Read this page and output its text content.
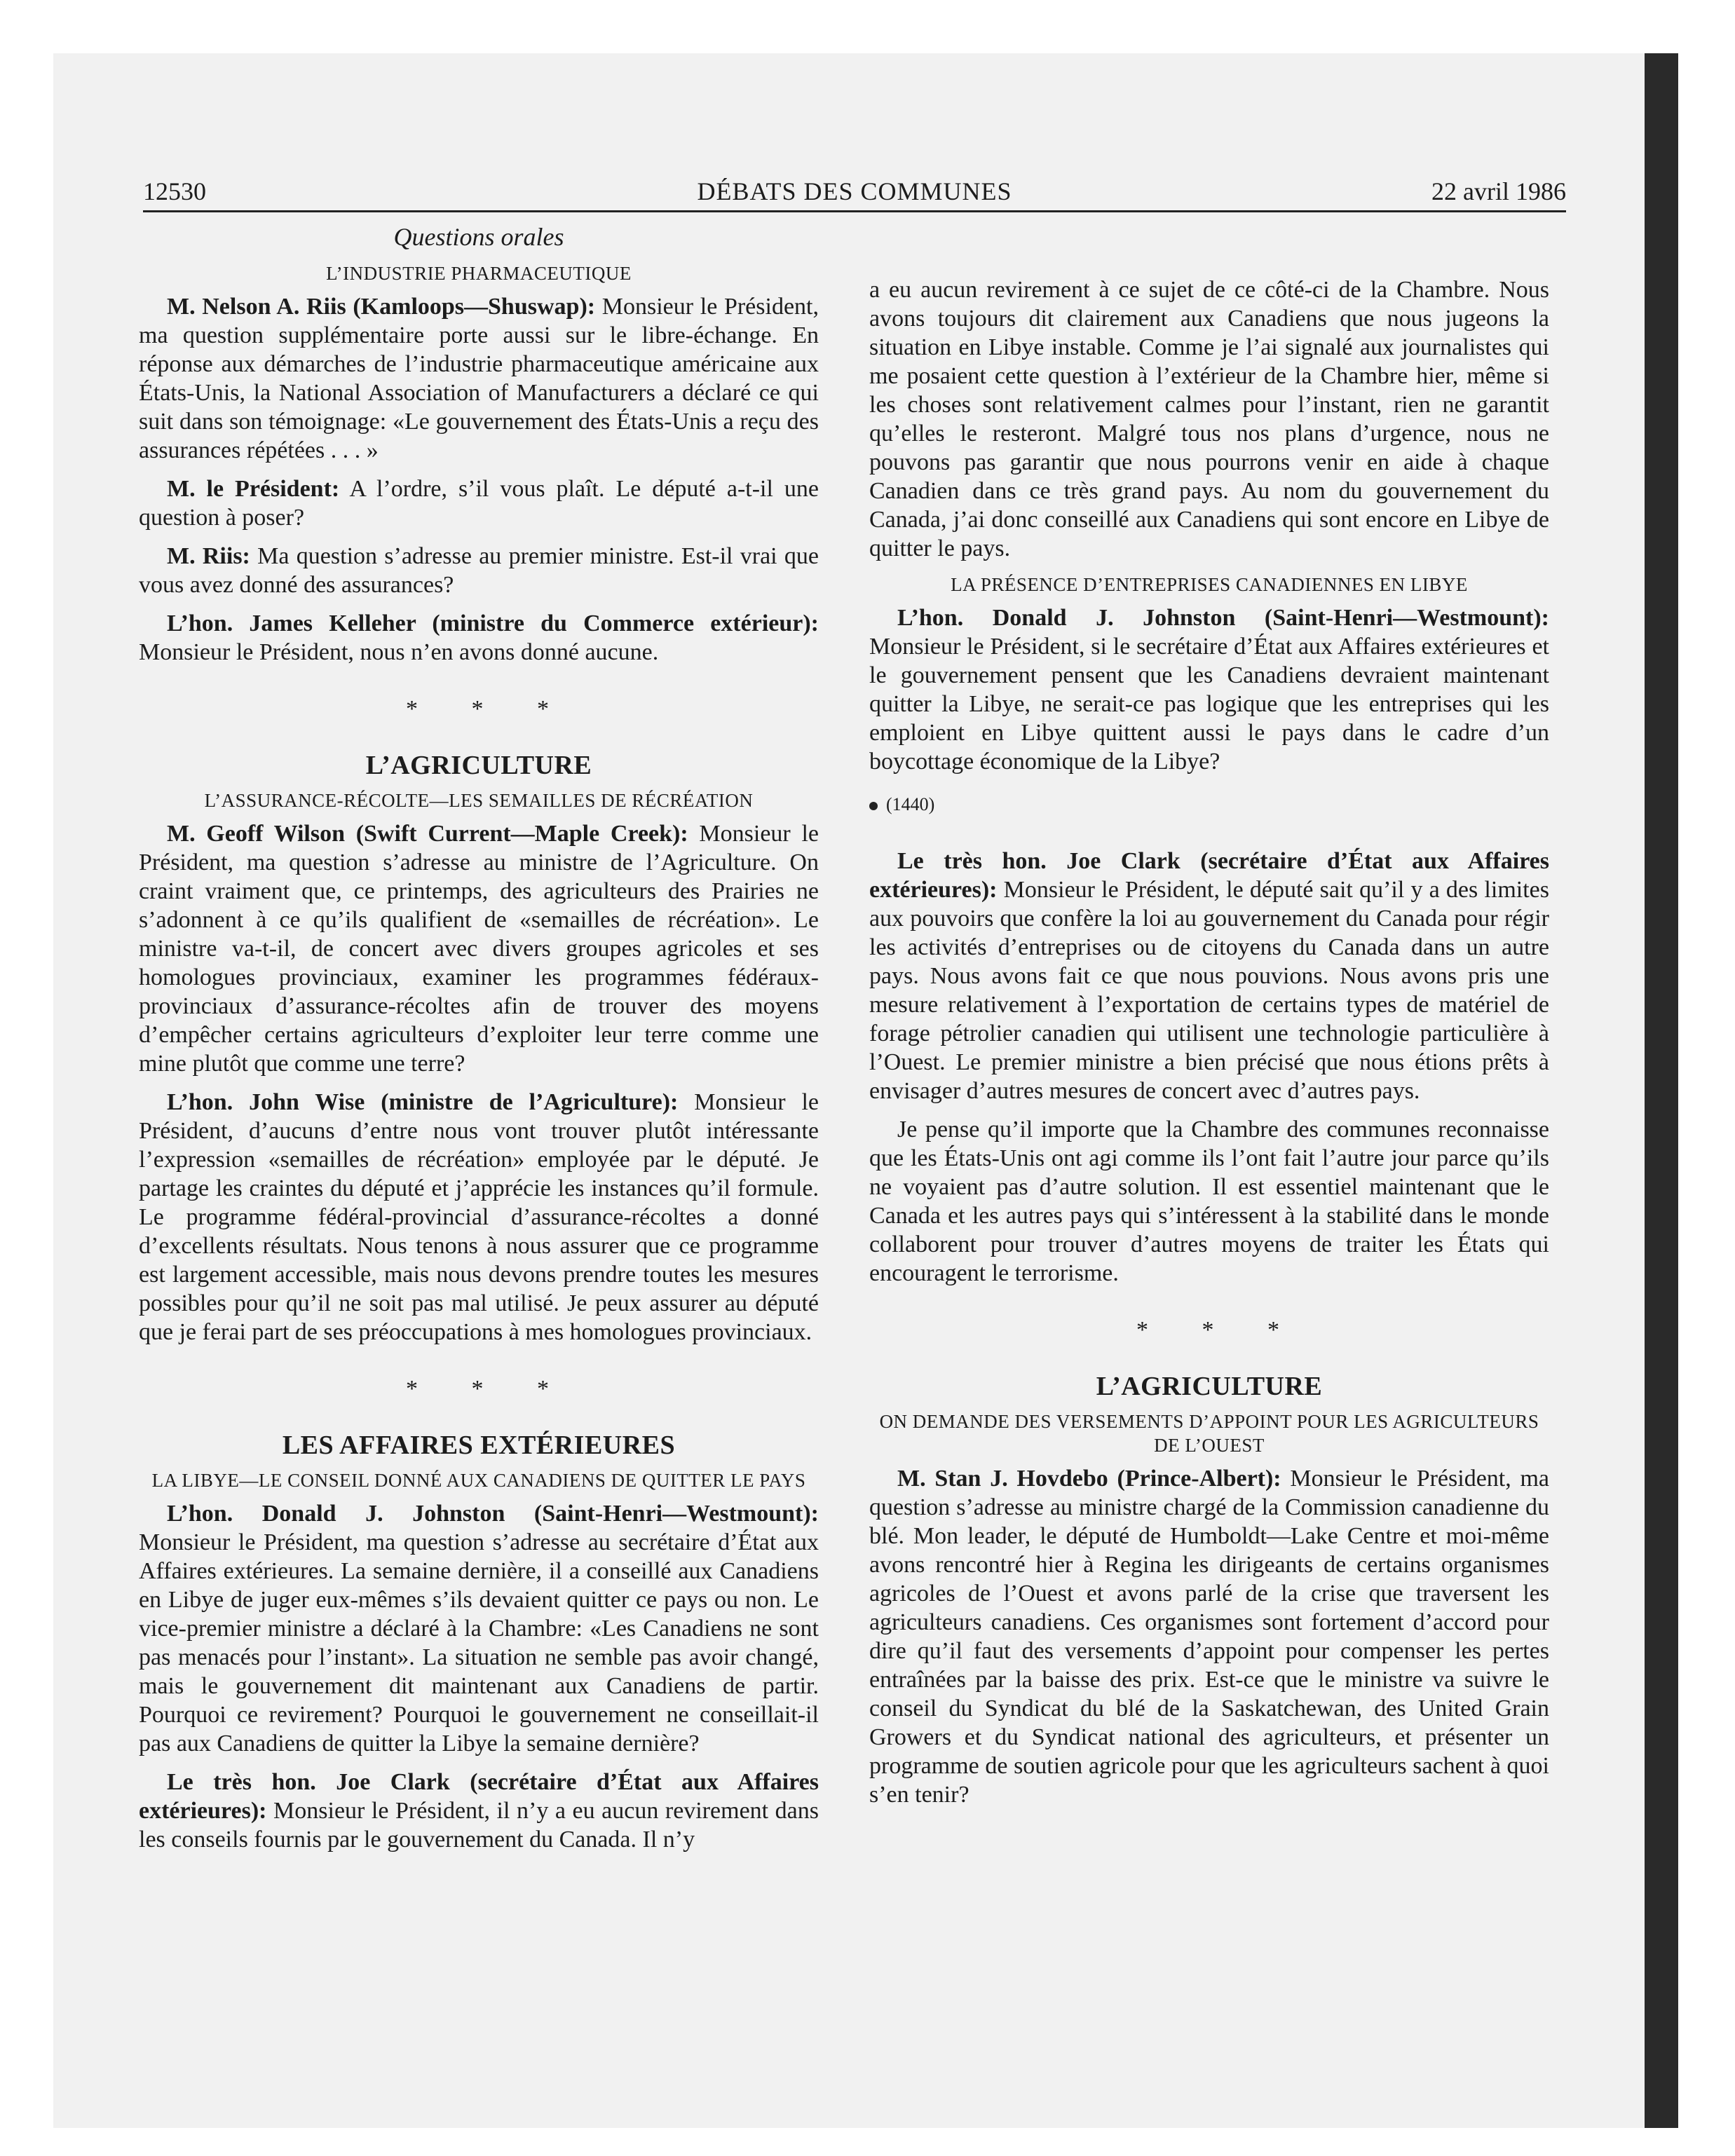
12530	DÉBATS DES COMMUNES	22 avril 1986
Questions orales
L’INDUSTRIE PHARMACEUTIQUE

M. Nelson A. Riis (Kamloops—Shuswap): Monsieur le Président, ma question supplémentaire porte aussi sur le libre-échange. En réponse aux démarches de l’industrie pharmaceutique américaine aux États-Unis, la National Association of Manufacturers a déclaré ce qui suit dans son témoignage: «Le gouvernement des États-Unis a reçu des assurances répétées . . . »

M. le Président: A l’ordre, s’il vous plaît. Le député a-t-il une question à poser?

M. Riis: Ma question s’adresse au premier ministre. Est-il vrai que vous avez donné des assurances?

L’hon. James Kelleher (ministre du Commerce extérieur): Monsieur le Président, nous n’en avons donné aucune.

* * *
L’AGRICULTURE
L’ASSURANCE-RÉCOLTE—LES SEMAILLES DE RÉCRÉATION

M. Geoff Wilson (Swift Current—Maple Creek): Monsieur le Président, ma question s’adresse au ministre de l’Agriculture. On craint vraiment que, ce printemps, des agriculteurs des Prairies ne s’adonnent à ce qu’ils qualifient de «semailles de récréation». Le ministre va-t-il, de concert avec divers groupes agricoles et ses homologues provinciaux, examiner les programmes fédéraux-provinciaux d’assurance-récoltes afin de trouver des moyens d’empêcher certains agriculteurs d’exploiter leur terre comme une mine plutôt que comme une terre?

L’hon. John Wise (ministre de l’Agriculture): Monsieur le Président, d’aucuns d’entre nous vont trouver plutôt intéressante l’expression «semailles de récréation» employée par le député. Je partage les craintes du député et j’apprécie les instances qu’il formule. Le programme fédéral-provincial d’assurance-récoltes a donné d’excellents résultats. Nous tenons à nous assurer que ce programme est largement accessible, mais nous devons prendre toutes les mesures possibles pour qu’il ne soit pas mal utilisé. Je peux assurer au député que je ferai part de ses préoccupations à mes homologues provinciaux.

* * *
LES AFFAIRES EXTÉRIEURES
LA LIBYE—LE CONSEIL DONNÉ AUX CANADIENS DE QUITTER LE PAYS

L’hon. Donald J. Johnston (Saint-Henri—Westmount): Monsieur le Président, ma question s’adresse au secrétaire d’État aux Affaires extérieures. La semaine dernière, il a conseillé aux Canadiens en Libye de juger eux-mêmes s’ils devaient quitter ce pays ou non. Le vice-premier ministre a déclaré à la Chambre: «Les Canadiens ne sont pas menacés pour l’instant». La situation ne semble pas avoir changé, mais le gouvernement dit maintenant aux Canadiens de partir. Pourquoi ce revirement? Pourquoi le gouvernement ne conseillait-il pas aux Canadiens de quitter la Libye la semaine dernière?

Le très hon. Joe Clark (secrétaire d’État aux Affaires extérieures): Monsieur le Président, il n’y a eu aucun revirement dans les conseils fournis par le gouvernement du Canada. Il n’y

a eu aucun revirement à ce sujet de ce côté-ci de la Chambre. Nous avons toujours dit clairement aux Canadiens que nous jugeons la situation en Libye instable. Comme je l’ai signalé aux journalistes qui me posaient cette question à l’extérieur de la Chambre hier, même si les choses sont relativement calmes pour l’instant, rien ne garantit qu’elles le resteront. Malgré tous nos plans d’urgence, nous ne pouvons pas garantir que nous pourrons venir en aide à chaque Canadien dans ce très grand pays. Au nom du gouvernement du Canada, j’ai donc conseillé aux Canadiens qui sont encore en Libye de quitter le pays.

LA PRÉSENCE D’ENTREPRISES CANADIENNES EN LIBYE

L’hon. Donald J. Johnston (Saint-Henri—Westmount): Monsieur le Président, si le secrétaire d’État aux Affaires extérieures et le gouvernement pensent que les Canadiens devraient maintenant quitter la Libye, ne serait-ce pas logique que les entreprises qui les emploient en Libye quittent aussi le pays dans le cadre d’un boycottage économique de la Libye?

(1440)

Le très hon. Joe Clark (secrétaire d’État aux Affaires extérieures): Monsieur le Président, le député sait qu’il y a des limites aux pouvoirs que confère la loi au gouvernement du Canada pour régir les activités d’entreprises ou de citoyens du Canada dans un autre pays. Nous avons fait ce que nous pouvions. Nous avons pris une mesure relativement à l’exportation de certains types de matériel de forage pétrolier canadien qui utilisent une technologie particulière à l’Ouest. Le premier ministre a bien précisé que nous étions prêts à envisager d’autres mesures de concert avec d’autres pays.

Je pense qu’il importe que la Chambre des communes reconnaisse que les États-Unis ont agi comme ils l’ont fait l’autre jour parce qu’ils ne voyaient pas d’autre solution. Il est essentiel maintenant que le Canada et les autres pays qui s’intéressent à la stabilité dans le monde collaborent pour trouver d’autres moyens de traiter les États qui encouragent le terrorisme.

* * *
L’AGRICULTURE
ON DEMANDE DES VERSEMENTS D’APPOINT POUR LES AGRICULTEURS DE L’OUEST

M. Stan J. Hovdebo (Prince-Albert): Monsieur le Président, ma question s’adresse au ministre chargé de la Commission canadienne du blé. Mon leader, le député de Humboldt—Lake Centre et moi-même avons rencontré hier à Regina les dirigeants de certains organismes agricoles de l’Ouest et avons parlé de la crise que traversent les agriculteurs canadiens. Ces organismes sont fortement d’accord pour dire qu’il faut des versements d’appoint pour compenser les pertes entraînées par la baisse des prix. Est-ce que le ministre va suivre le conseil du Syndicat du blé de la Saskatchewan, des United Grain Growers et du Syndicat national des agriculteurs, et présenter un programme de soutien agricole pour que les agriculteurs sachent à quoi s’en tenir?
